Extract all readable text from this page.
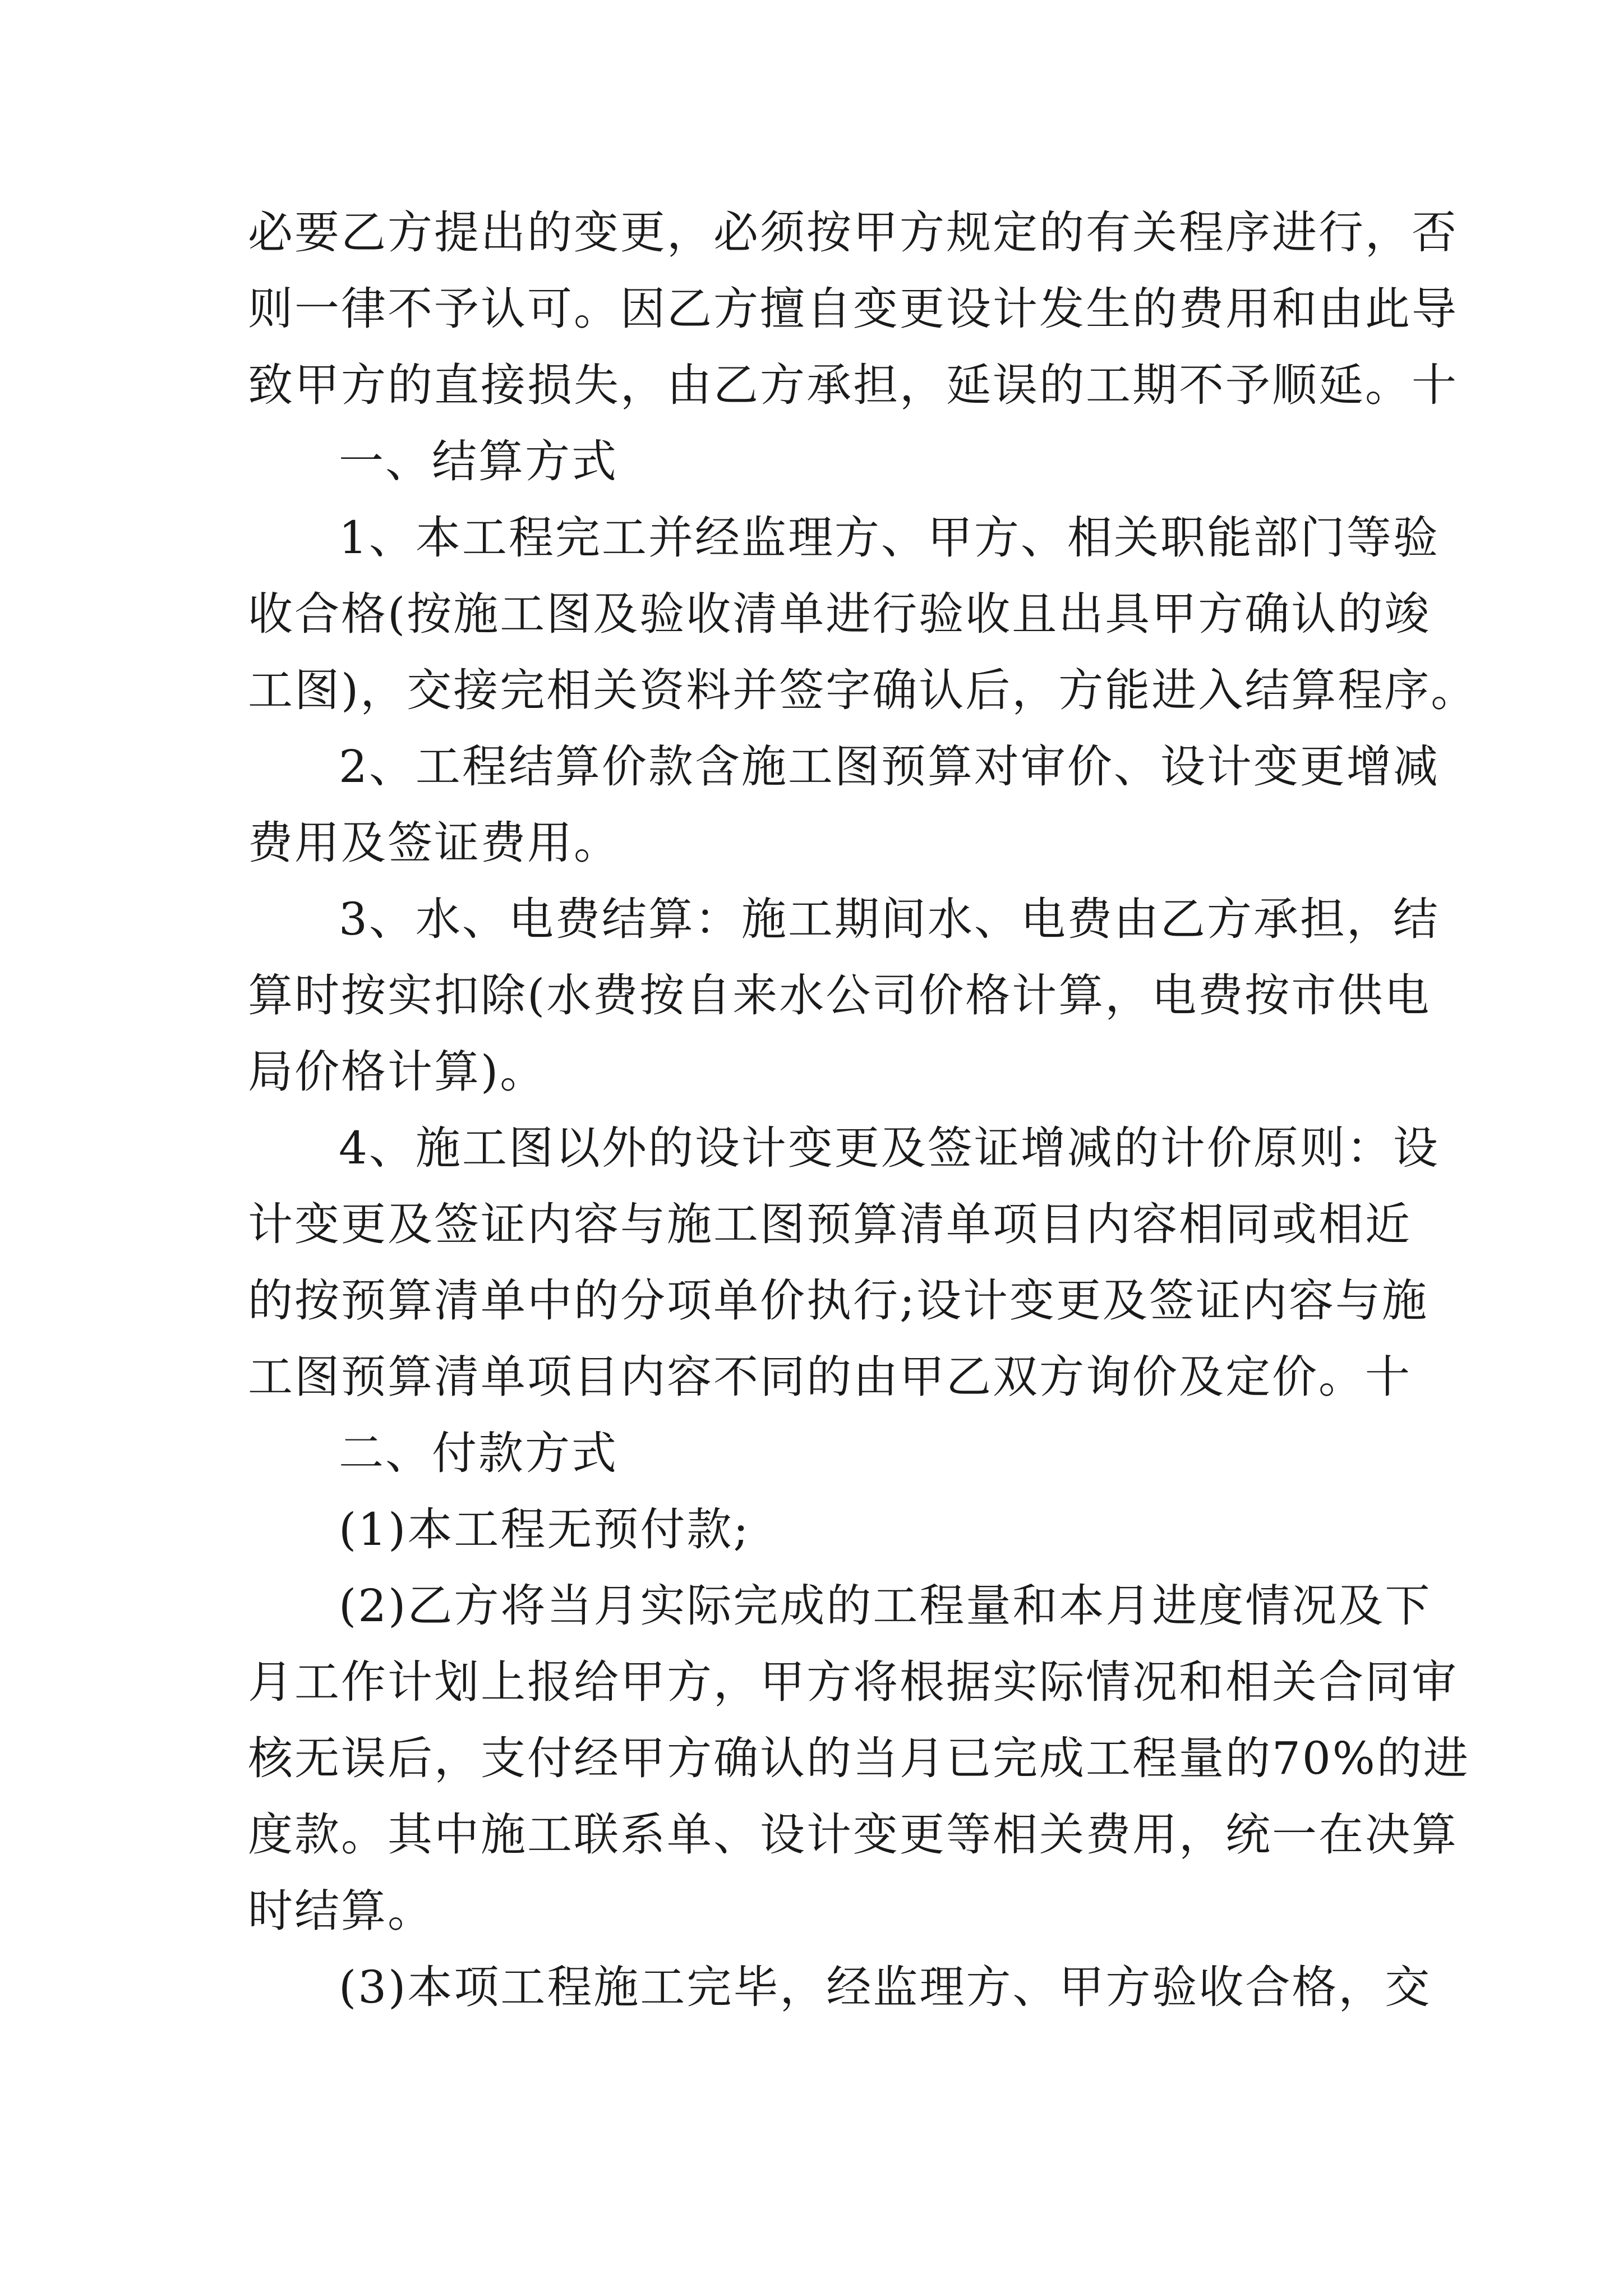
必要乙方提出的变更，必须按甲方规定的有关程序进行，否
则一律不予认可。因乙方擅自变更设计发生的费用和由此导
致甲方的直接损失，由乙方承担，延误的工期不予顺延。十
一、结算方式
1、本工程完工并经监理方、甲方、相关职能部门等验
收合格(按施工图及验收清单进行验收且出具甲方确认的竣
工图)，交接完相关资料并签字确认后，方能进入结算程序。
2、工程结算价款含施工图预算对审价、设计变更增减
费用及签证费用。
3、水、电费结算：施工期间水、电费由乙方承担，结
算时按实扣除(水费按自来水公司价格计算，电费按市供电
局价格计算)。
4、施工图以外的设计变更及签证增减的计价原则：设
计变更及签证内容与施工图预算清单项目内容相同或相近
的按预算清单中的分项单价执行;设计变更及签证内容与施
工图预算清单项目内容不同的由甲乙双方询价及定价。十
二、付款方式
(1)本工程无预付款;
(2)乙方将当月实际完成的工程量和本月进度情况及下
月工作计划上报给甲方，甲方将根据实际情况和相关合同审
核无误后，支付经甲方确认的当月已完成工程量的70%的进
度款。其中施工联系单、设计变更等相关费用，统一在决算
时结算。
(3)本项工程施工完毕，经监理方、甲方验收合格，交
